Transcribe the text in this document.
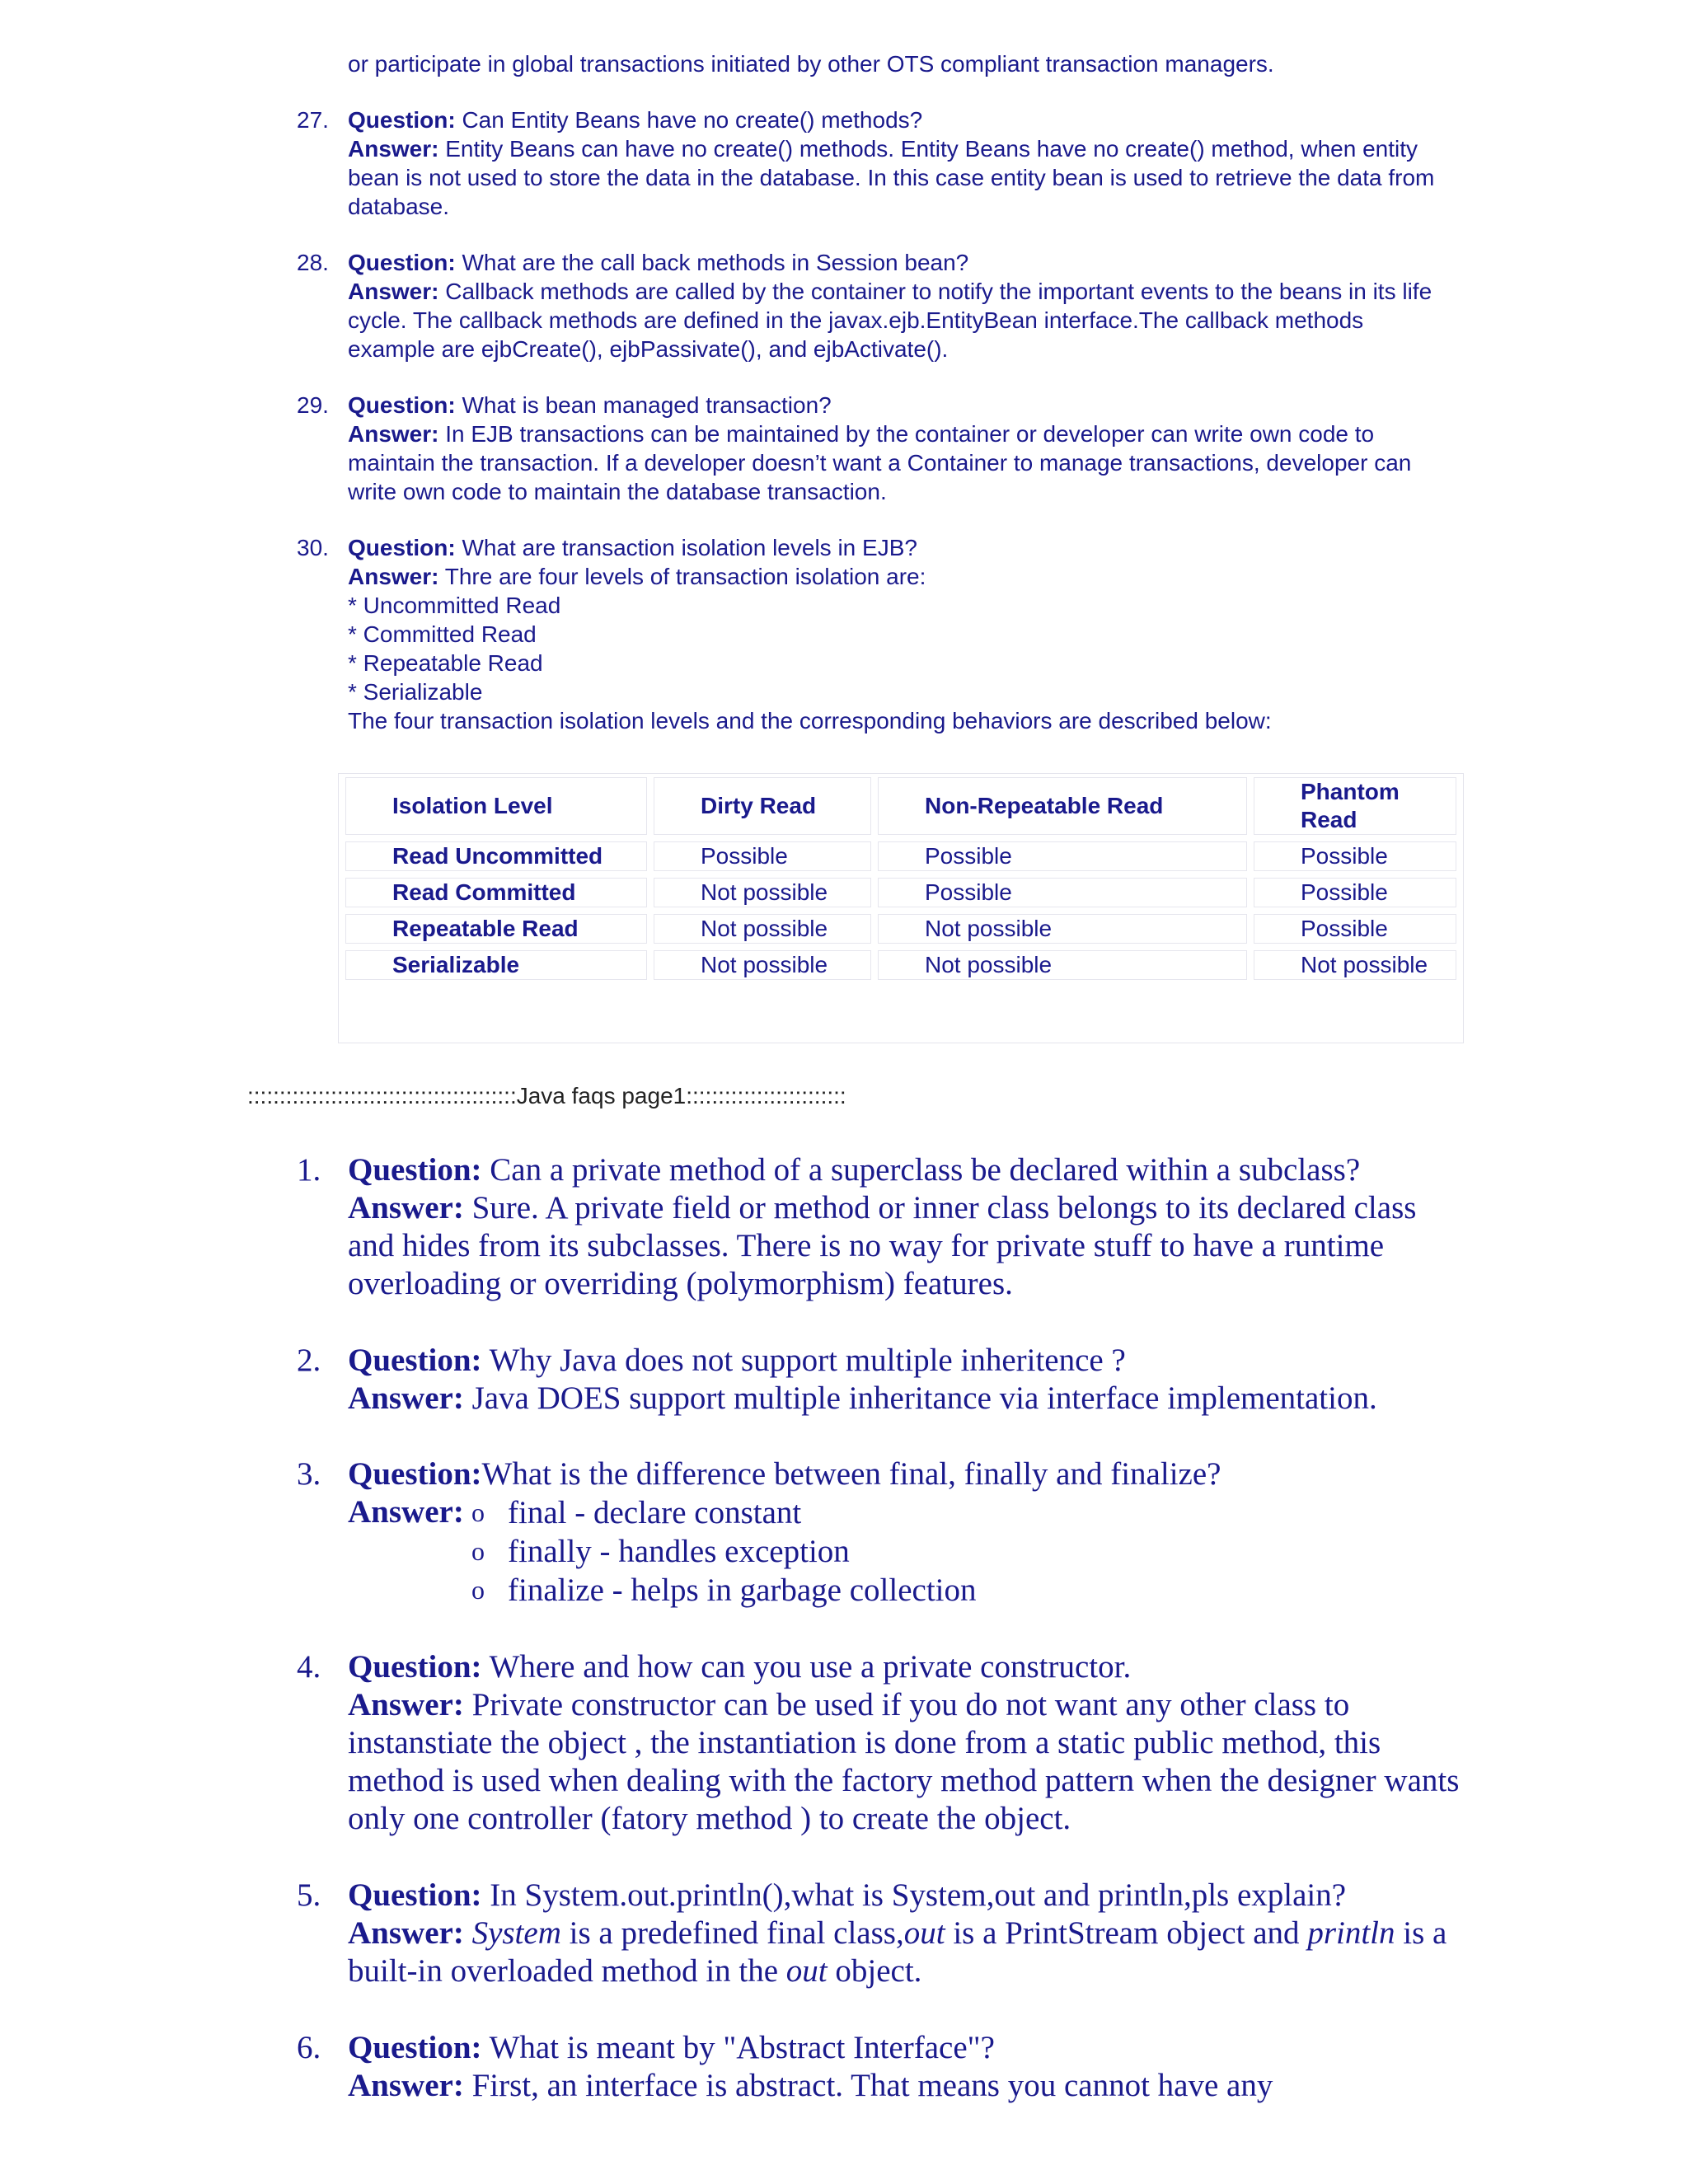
or participate in global transactions initiated by other OTS compliant transaction managers.
27. Question: Can Entity Beans have no create() methods?
Answer: Entity Beans can have no create() methods. Entity Beans have no create() method, when entity bean is not used to store the data in the database. In this case entity bean is used to retrieve the data from database.
28. Question: What are the call back methods in Session bean?
Answer: Callback methods are called by the container to notify the important events to the beans in its life cycle. The callback methods are defined in the javax.ejb.EntityBean interface.The callback methods example are ejbCreate(), ejbPassivate(), and ejbActivate().
29. Question: What is bean managed transaction?
Answer: In EJB transactions can be maintained by the container or developer can write own code to maintain the transaction. If a developer doesn’t want a Container to manage transactions, developer can write own code to maintain the database transaction.
30. Question: What are transaction isolation levels in EJB?
Answer: Thre are four levels of transaction isolation are:
* Uncommitted Read
* Committed Read
* Repeatable Read
* Serializable
The four transaction isolation levels and the corresponding behaviors are described below:
Isolation Level	Dirty Read	Non-Repeatable Read	Phantom Read
Read Uncommitted	Possible	Possible	Possible
Read Committed	Not possible	Possible	Possible
Repeatable Read	Not possible	Not possible	Possible
Serializable	Not possible	Not possible	Not possible
::::::::::::::::::::::::::::::::::::::::::Java faqs page1:::::::::::::::::::::::::
1. Question: Can a private method of a superclass be declared within a subclass?
Answer: Sure. A private field or method or inner class belongs to its declared class and hides from its subclasses. There is no way for private stuff to have a runtime overloading or overriding (polymorphism) features.
2. Question: Why Java does not support multiple inheritence ?
Answer: Java DOES support multiple inheritance via interface implementation.
3. Question:What is the difference between final, finally and finalize?
Answer:	o final - declare constant
o finally - handles exception
o finalize - helps in garbage collection
4. Question: Where and how can you use a private constructor.
Answer: Private constructor can be used if you do not want any other class to instanstiate the object , the instantiation is done from a static public method, this method is used when dealing with the factory method pattern when the designer wants only one controller (fatory method ) to create the object.
5. Question: In System.out.println(),what is System,out and println,pls explain?
Answer: System is a predefined final class,out is a PrintStream object and println is a built-in overloaded method in the out object.
6. Question: What is meant by "Abstract Interface"?
Answer: First, an interface is abstract. That means you cannot have any
